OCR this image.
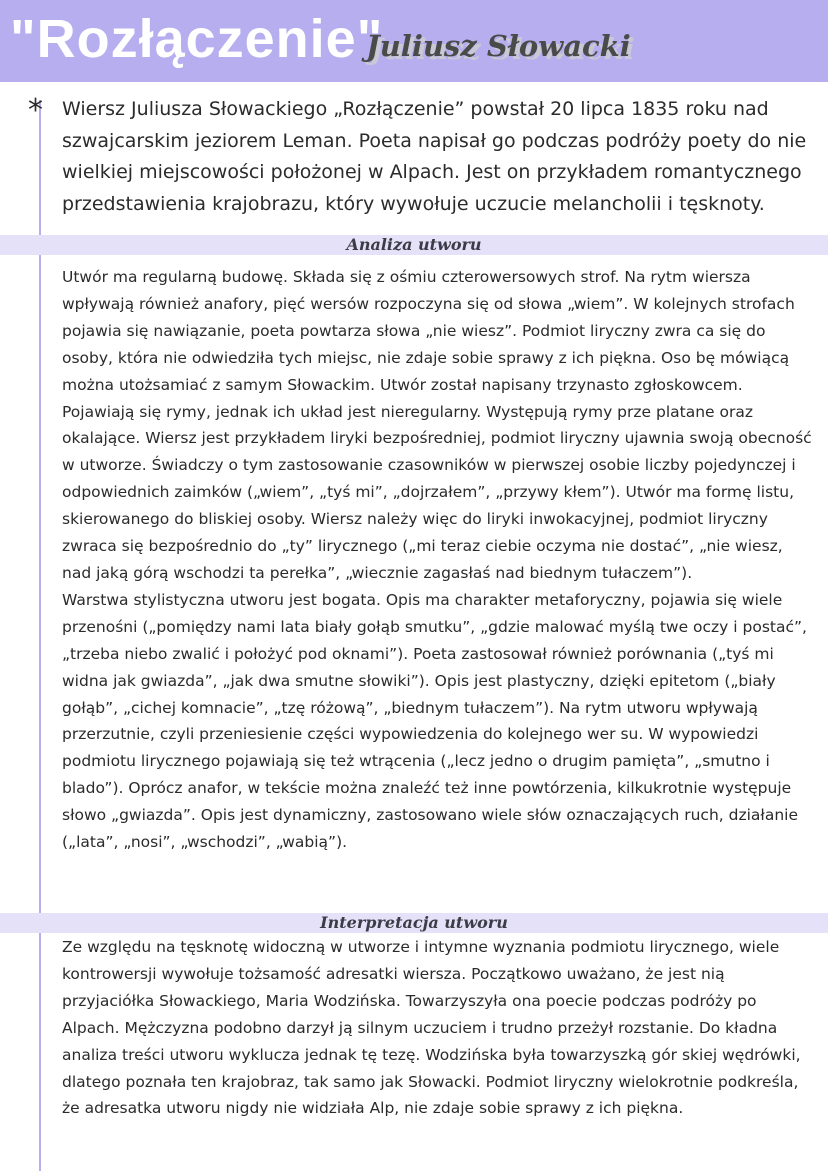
"Rozłączenie"
Juliusz Słowacki
* Wiersz Juliusza Słowackiego „Rozłączenie” powstał 20 lipca 1835 roku nad szwajcarskim jeziorem Leman. Poeta napisał go podczas podróży poety do nie wielkiej miejscowości położonej w Alpach. Jest on przykładem romantycznego przedstawienia krajobrazu, który wywołuje uczucie melancholii i tęsknoty.

Analiza utworu

Utwór ma regularną budowę. Składa się z ośmiu czterowersowych strof. Na rytm wiersza wpływają również anafory, pięć wersów rozpoczyna się od słowa „wiem”. W kolejnych strofach pojawia się nawiązanie, poeta powtarza słowa „nie wiesz”. Podmiot liryczny zwra ca się do osoby, która nie odwiedziła tych miejsc, nie zdaje sobie sprawy z ich piękna. Oso bę mówiącą można utożsamiać z samym Słowackim. Utwór został napisany trzynasto zgłoskowcem. Pojawiają się rymy, jednak ich układ jest nieregularny. Występują rymy prze platane oraz okalające. Wiersz jest przykładem liryki bezpośredniej, podmiot liryczny ujawnia swoją obecność w utworze. Świadczy o tym zastosowanie czasowników w pierwszej osobie liczby pojedynczej i odpowiednich zaimków („wiem”, „tyś mi”, „dojrzałem”, „przywy kłem”). Utwór ma formę listu, skierowanego do bliskiej osoby. Wiersz należy więc do liryki inwokacyjnej, podmiot liryczny zwraca się bezpośrednio do „ty” lirycznego („mi teraz ciebie oczyma nie dostać”, „nie wiesz, nad jaką górą wschodzi ta perełka”, „wiecznie zagasłaś nad biednym tułaczem”).

Warstwa stylistyczna utworu jest bogata. Opis ma charakter metaforyczny, pojawia się wiele przenośni („pomiędzy nami lata biały gołąb smutku”, „gdzie malować myślą twe oczy i postać”, „trzeba niebo zwalić i położyć pod oknami”). Poeta zastosował również porównania („tyś mi widna jak gwiazda”, „jak dwa smutne słowiki”). Opis jest plastyczny, dzięki epitetom („biały gołąb”, „cichej komnacie”, „tzę różową”, „biednym tułaczem”). Na rytm utworu wpływają przerzutnie, czyli przeniesienie części wypowiedzenia do kolejnego wer su. W wypowiedzi podmiotu lirycznego pojawiają się też wtrącenia („lecz jedno o drugim pamięta”, „smutno i blado”). Oprócz anafor, w tekście można znaleźć też inne powtórzenia, kilkukrotnie występuje słowo „gwiazda”. Opis jest dynamiczny, zastosowano wiele słów oznaczających ruch, działanie („lata”, „nosi”, „wschodzi”, „wabią”).

Interpretacja utworu

Ze względu na tęsknotę widoczną w utworze i intymne wyznania podmiotu lirycznego, wiele kontrowersji wywołuje tożsamość adresatki wiersza. Początkowo uważano, że jest nią przyjaciółka Słowackiego, Maria Wodzińska. Towarzyszyła ona poecie podczas podróży po Alpach. Mężczyzna podobno darzył ją silnym uczuciem i trudno przeżył rozstanie. Do kładna analiza treści utworu wyklucza jednak tę tezę. Wodzińska była towarzyszką gór skiej wędrówki, dlatego poznała ten krajobraz, tak samo jak Słowacki. Podmiot liryczny wielokrotnie podkreśla, że adresatka utworu nigdy nie widziała Alp, nie zdaje sobie sprawy z ich piękna.
